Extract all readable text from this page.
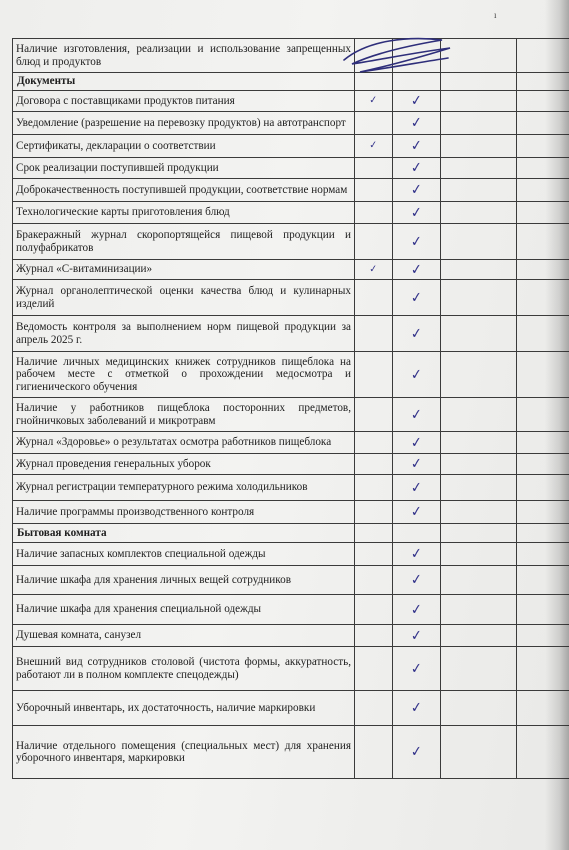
ı
Наличие изготовления, реализации и использование запрещенных блюд и продуктов	

Документы	

Договора с поставщиками продуктов питания	✓	✓		

Уведомление (разрешение на перевозку продуктов) на автотранспорт		✓		

Сертификаты, декларации о соответствии	✓	✓		

Срок реализации поступившей продукции		✓		

Доброкачественность поступившей продукции, соответствие нормам		✓		

Технологические карты приготовления блюд		✓		

Бракеражный журнал скоропортящейся пищевой продукции и полуфабрикатов		✓		

Журнал «С-витаминизации»	✓	✓		

Журнал органолептической оценки качества блюд и кулинарных изделий		✓		

Ведомость контроля за выполнением норм пищевой продукции за апрель 2025 г.		✓		

Наличие личных медицинских книжек сотрудников пищеблока на рабочем месте с отметкой о прохождении медосмотра и гигиенического обучения		✓		

Наличие у работников пищеблока посторонних предметов, гнойничковых заболеваний и микротравм		✓		

Журнал «Здоровье» о результатах осмотра работников пищеблока		✓		

Журнал проведения генеральных уборок		✓		

Журнал регистрации температурного режима холодильников		✓		

Наличие программы производственного контроля		✓		

Бытовая комната	

Наличие запасных комплектов специальной одежды		✓		

Наличие шкафа для хранения личных вещей сотрудников		✓		

Наличие шкафа для хранения специальной одежды		✓		

Душевая комната, санузел		✓		

Внешний вид сотрудников столовой (чистота формы, аккуратность, работают ли в полном комплекте спецодежды)		✓		

Уборочный инвентарь, их достаточность, наличие маркировки		✓		

Наличие отдельного помещения (специальных мест) для хранения уборочного инвентаря, маркировки		✓		
